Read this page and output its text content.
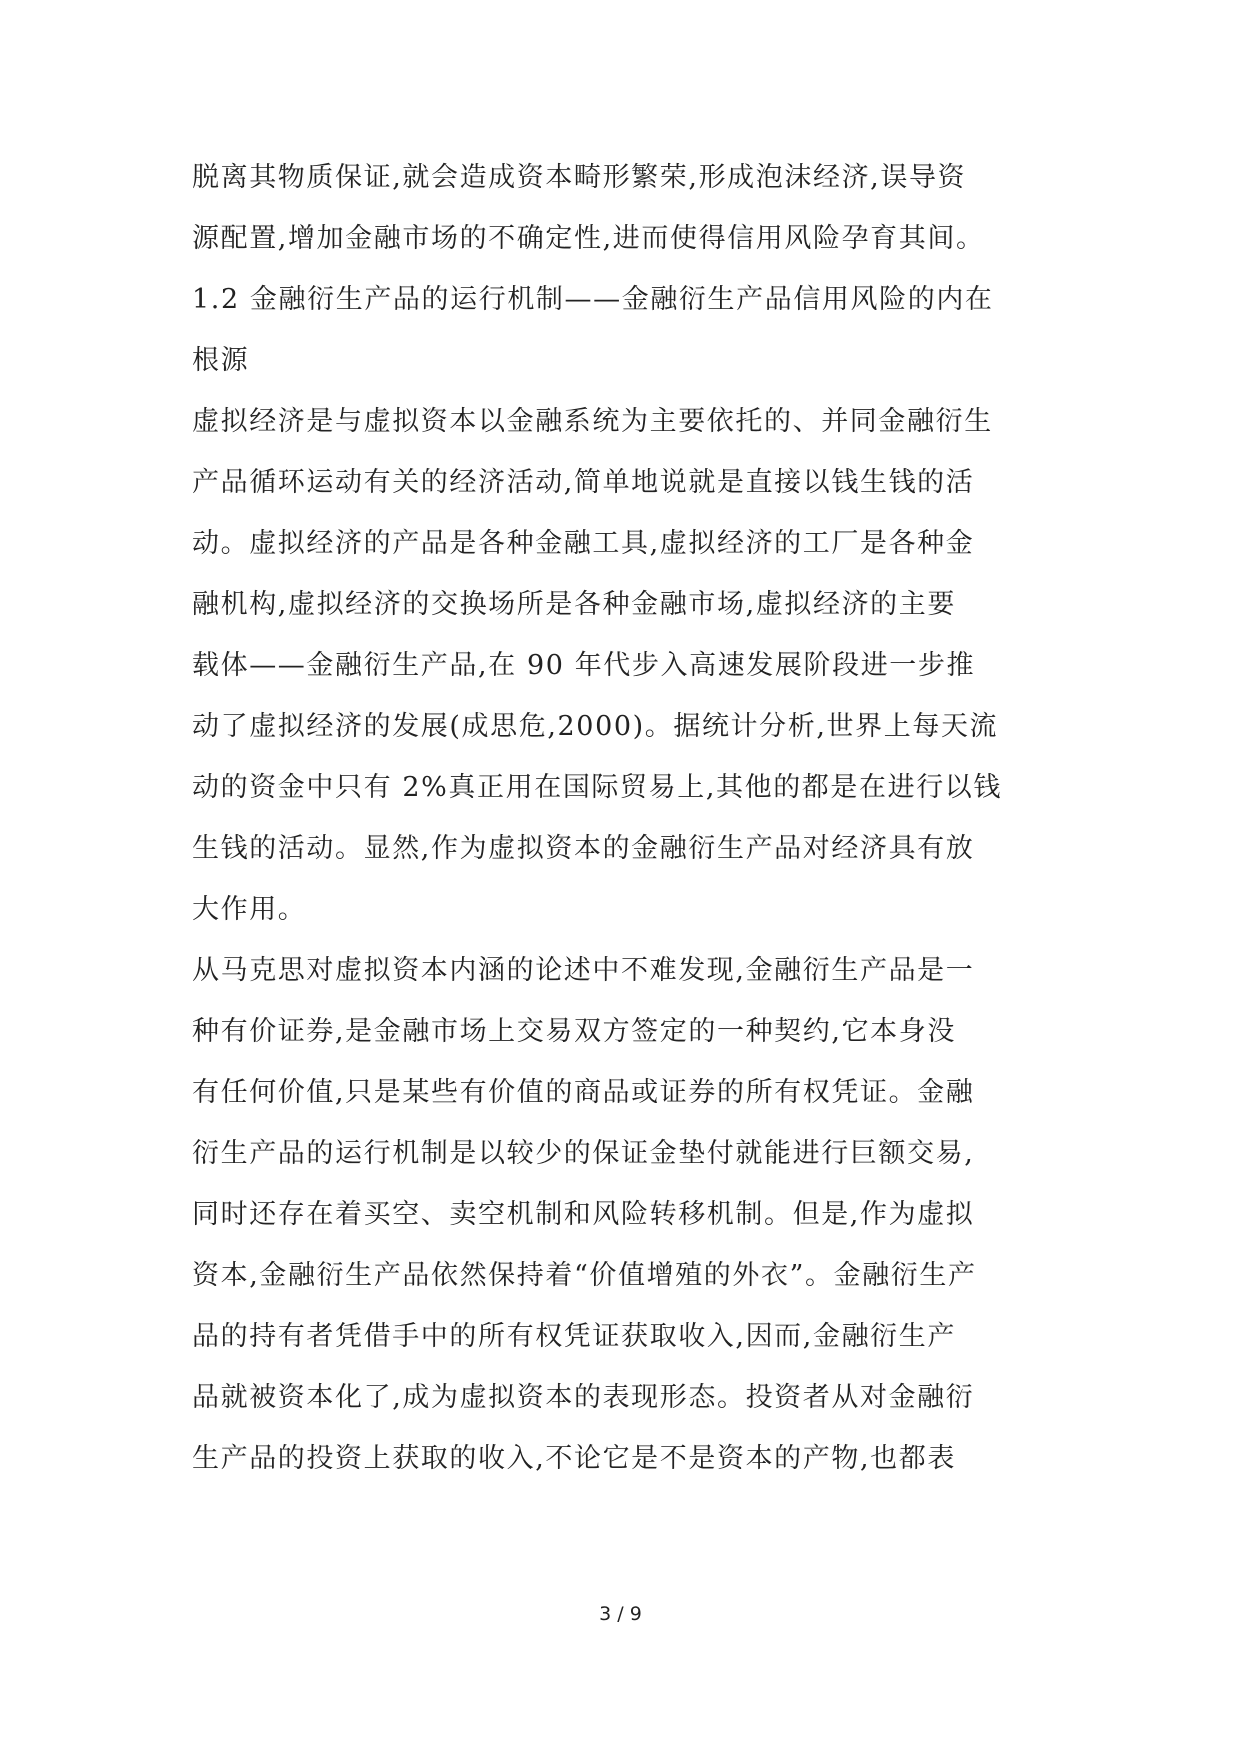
脱离其物质保证,就会造成资本畸形繁荣,形成泡沫经济,误导资
源配置,增加金融市场的不确定性,进而使得信用风险孕育其间。
1.2 金融衍生产品的运行机制——金融衍生产品信用风险的内在
根源
虚拟经济是与虚拟资本以金融系统为主要依托的、并同金融衍生
产品循环运动有关的经济活动,简单地说就是直接以钱生钱的活
动。虚拟经济的产品是各种金融工具,虚拟经济的工厂是各种金
融机构,虚拟经济的交换场所是各种金融市场,虚拟经济的主要
载体——金融衍生产品,在 90 年代步入高速发展阶段进一步推
动了虚拟经济的发展(成思危,2000)。据统计分析,世界上每天流
动的资金中只有 2%真正用在国际贸易上,其他的都是在进行以钱
生钱的活动。显然,作为虚拟资本的金融衍生产品对经济具有放
大作用。
从马克思对虚拟资本内涵的论述中不难发现,金融衍生产品是一
种有价证券,是金融市场上交易双方签定的一种契约,它本身没
有任何价值,只是某些有价值的商品或证券的所有权凭证。金融
衍生产品的运行机制是以较少的保证金垫付就能进行巨额交易,
同时还存在着买空、卖空机制和风险转移机制。但是,作为虚拟
资本,金融衍生产品依然保持着“价值增殖的外衣”。金融衍生产
品的持有者凭借手中的所有权凭证获取收入,因而,金融衍生产
品就被资本化了,成为虚拟资本的表现形态。投资者从对金融衍
生产品的投资上获取的收入,不论它是不是资本的产物,也都表
3 / 9
